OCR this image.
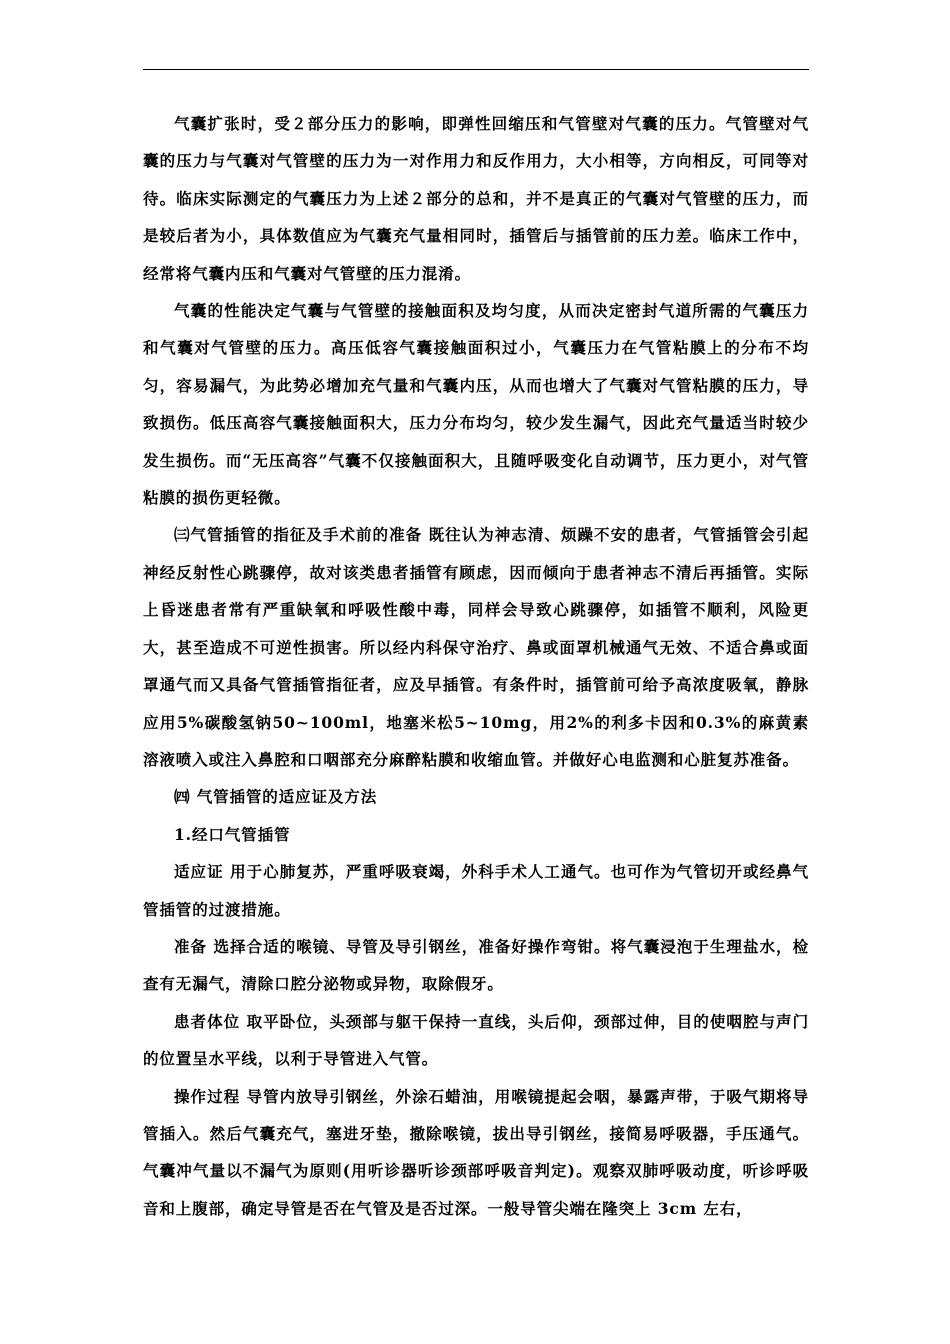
气囊扩张时，受２部分压力的影响，即弹性回缩压和气管壁对气囊的压力。气管壁对气囊的压力与气囊对气管壁的压力为一对作用力和反作用力，大小相等，方向相反，可同等对待。临床实际测定的气囊压力为上述２部分的总和，并不是真正的气囊对气管壁的压力，而是较后者为小，具体数值应为气囊充气量相同时，插管后与插管前的压力差。临床工作中，经常将气囊内压和气囊对气管壁的压力混淆。

气囊的性能决定气囊与气管壁的接触面积及均匀度，从而决定密封气道所需的气囊压力和气囊对气管壁的压力。高压低容气囊接触面积过小，气囊压力在气管粘膜上的分布不均匀，容易漏气，为此势必增加充气量和气囊内压，从而也增大了气囊对气管粘膜的压力，导致损伤。低压高容气囊接触面积大，压力分布均匀，较少发生漏气，因此充气量适当时较少发生损伤。而“无压高容”气囊不仅接触面积大，且随呼吸变化自动调节，压力更小，对气管粘膜的损伤更轻微。

㈢气管插管的指征及手术前的准备 既往认为神志清、烦躁不安的患者，气管插管会引起神经反射性心跳骤停，故对该类患者插管有顾虑，因而倾向于患者神志不清后再插管。实际上昏迷患者常有严重缺氧和呼吸性酸中毒，同样会导致心跳骤停，如插管不顺利，风险更大，甚至造成不可逆性损害。所以经内科保守治疗、鼻或面罩机械通气无效、不适合鼻或面罩通气而又具备气管插管指征者，应及早插管。有条件时，插管前可给予高浓度吸氧，静脉应用5%碳酸氢钠50~100ml，地塞米松5~10mg，用2%的利多卡因和0.3%的麻黄素溶液喷入或注入鼻腔和口咽部充分麻醉粘膜和收缩血管。并做好心电监测和心脏复苏准备。

㈣ 气管插管的适应证及方法

1.经口气管插管

适应证 用于心肺复苏，严重呼吸衰竭，外科手术人工通气。也可作为气管切开或经鼻气管插管的过渡措施。

准备 选择合适的喉镜、导管及导引钢丝，准备好操作弯钳。将气囊浸泡于生理盐水，检查有无漏气，清除口腔分泌物或异物，取除假牙。

患者体位 取平卧位，头颈部与躯干保持一直线，头后仰，颈部过伸，目的使咽腔与声门的位置呈水平线，以利于导管进入气管。

操作过程 导管内放导引钢丝，外涂石蜡油，用喉镜提起会咽，暴露声带，于吸气期将导管插入。然后气囊充气，塞进牙垫，撤除喉镜，拔出导引钢丝，接简易呼吸器，手压通气。气囊冲气量以不漏气为原则(用听诊器听诊颈部呼吸音判定)。观察双肺呼吸动度，听诊呼吸音和上腹部，确定导管是否在气管及是否过深。一般导管尖端在隆突上 3cm 左右，
